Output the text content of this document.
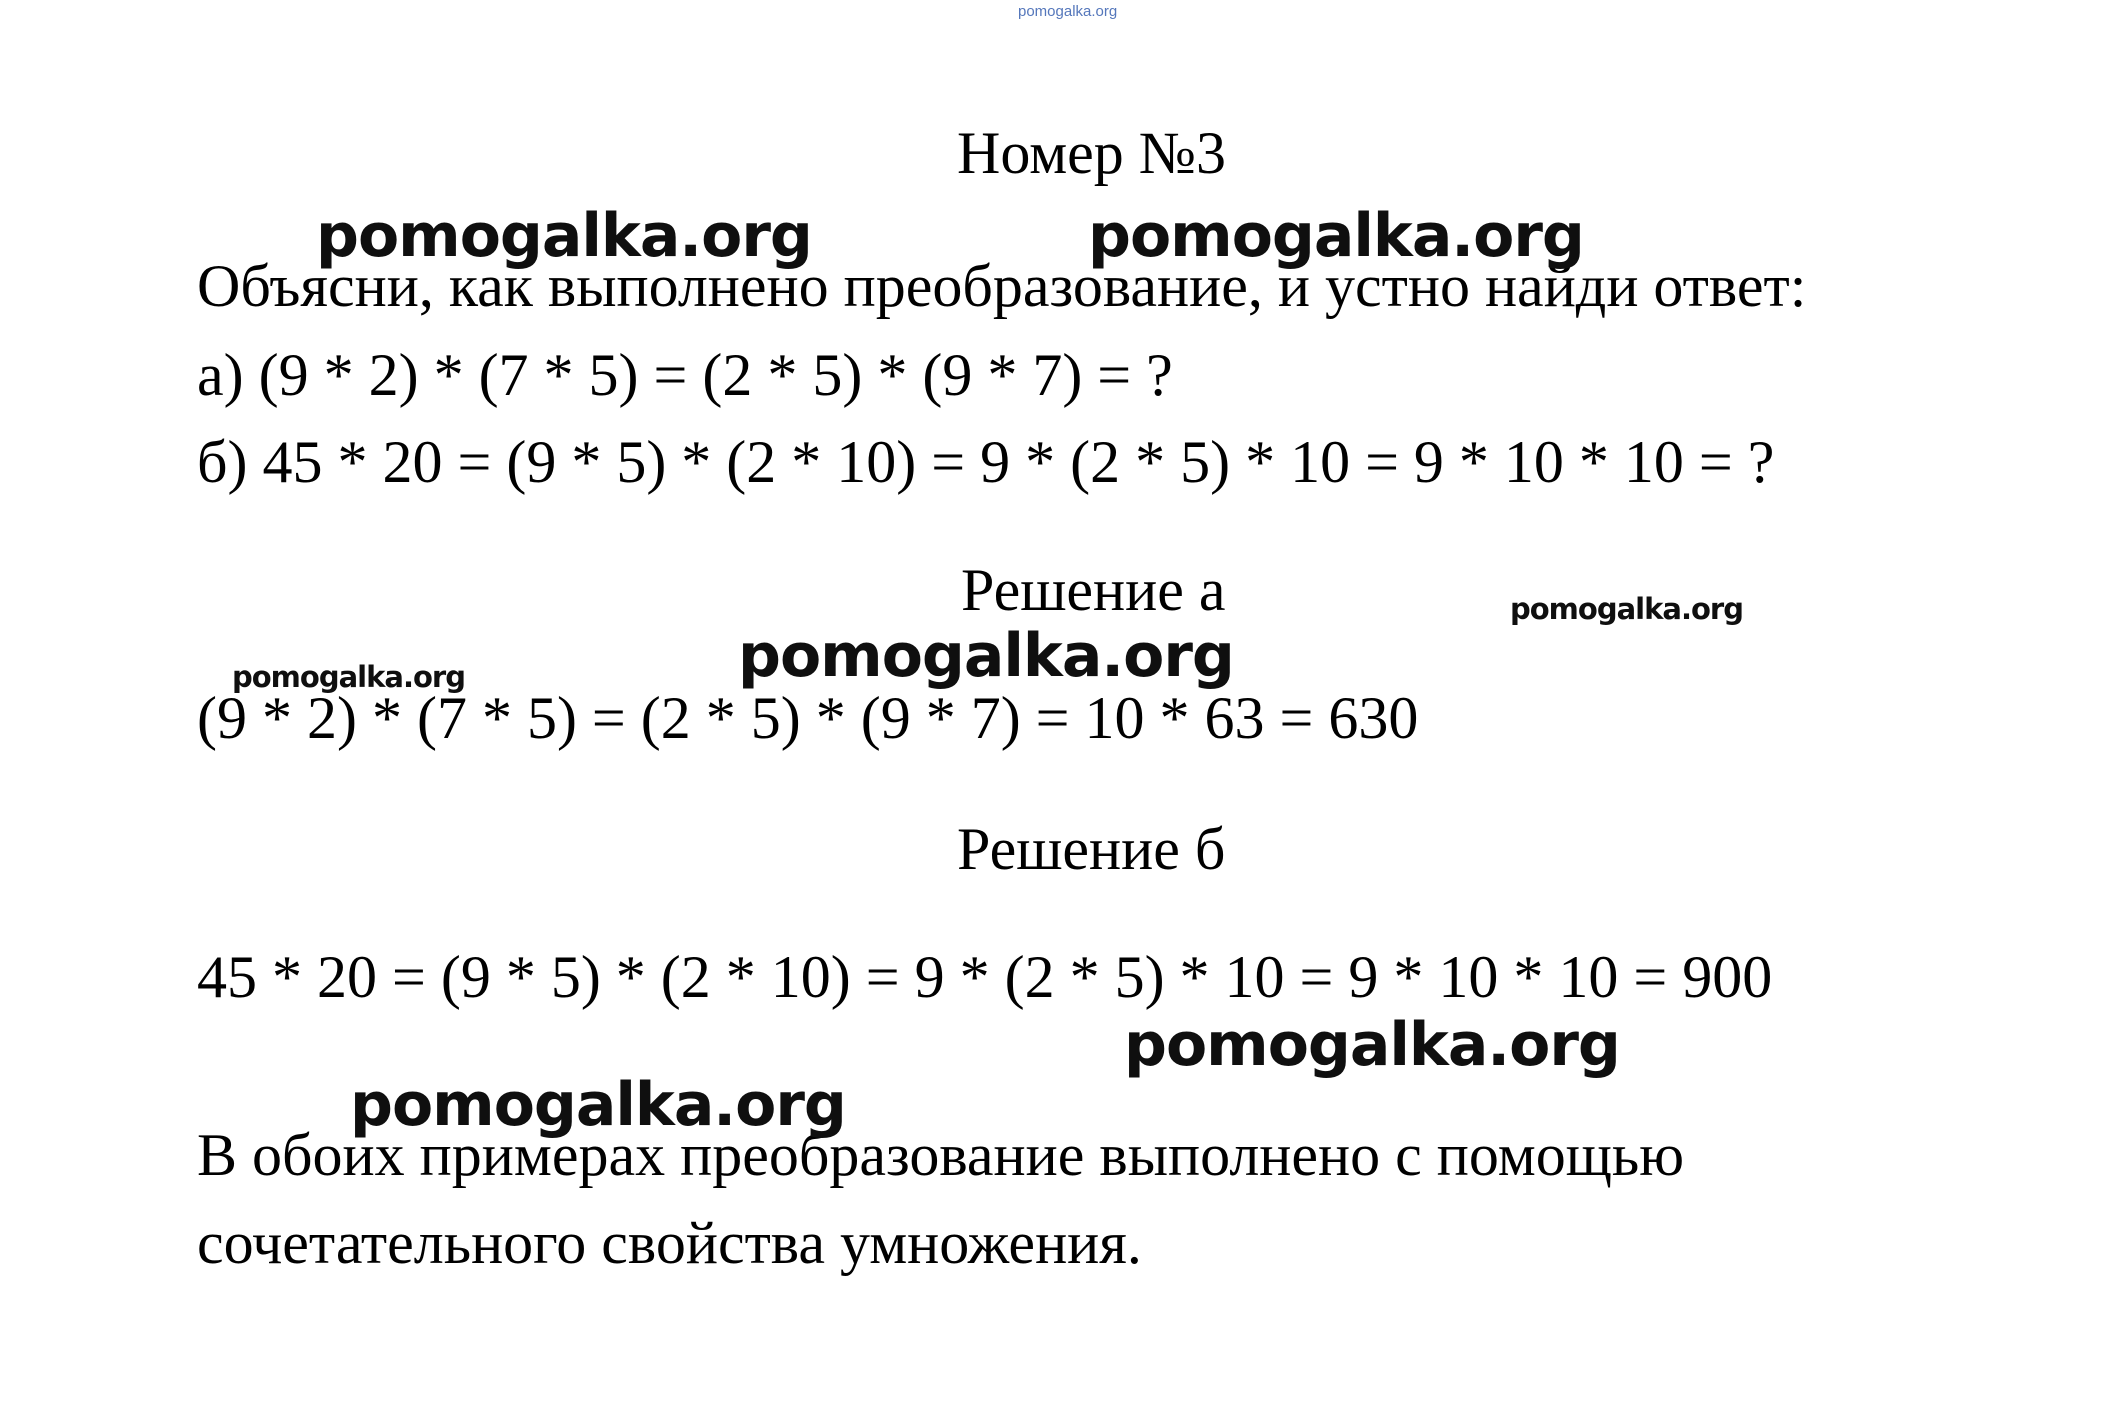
pomogalka.org
Номер №3
Объясни, как выполнено преобразование, и устно найди ответ:
а) (9 * 2) * (7 * 5) = (2 * 5) * (9 * 7) = ?
б) 45 * 20 = (9 * 5) * (2 * 10) = 9 * (2 * 5) * 10 = 9 * 10 * 10 = ?
Решение а
(9 * 2) * (7 * 5) = (2 * 5) * (9 * 7) = 10 * 63 = 630
Решение б
45 * 20 = (9 * 5) * (2 * 10) = 9 * (2 * 5) * 10 = 9 * 10 * 10 = 900
В обоих примерах преобразование выполнено с помощью
сочетательного свойства умножения.
pomogalka.org	pomogalka.org
pomogalka.org
pomogalka.org	pomogalka.org
pomogalka.org
pomogalka.org
